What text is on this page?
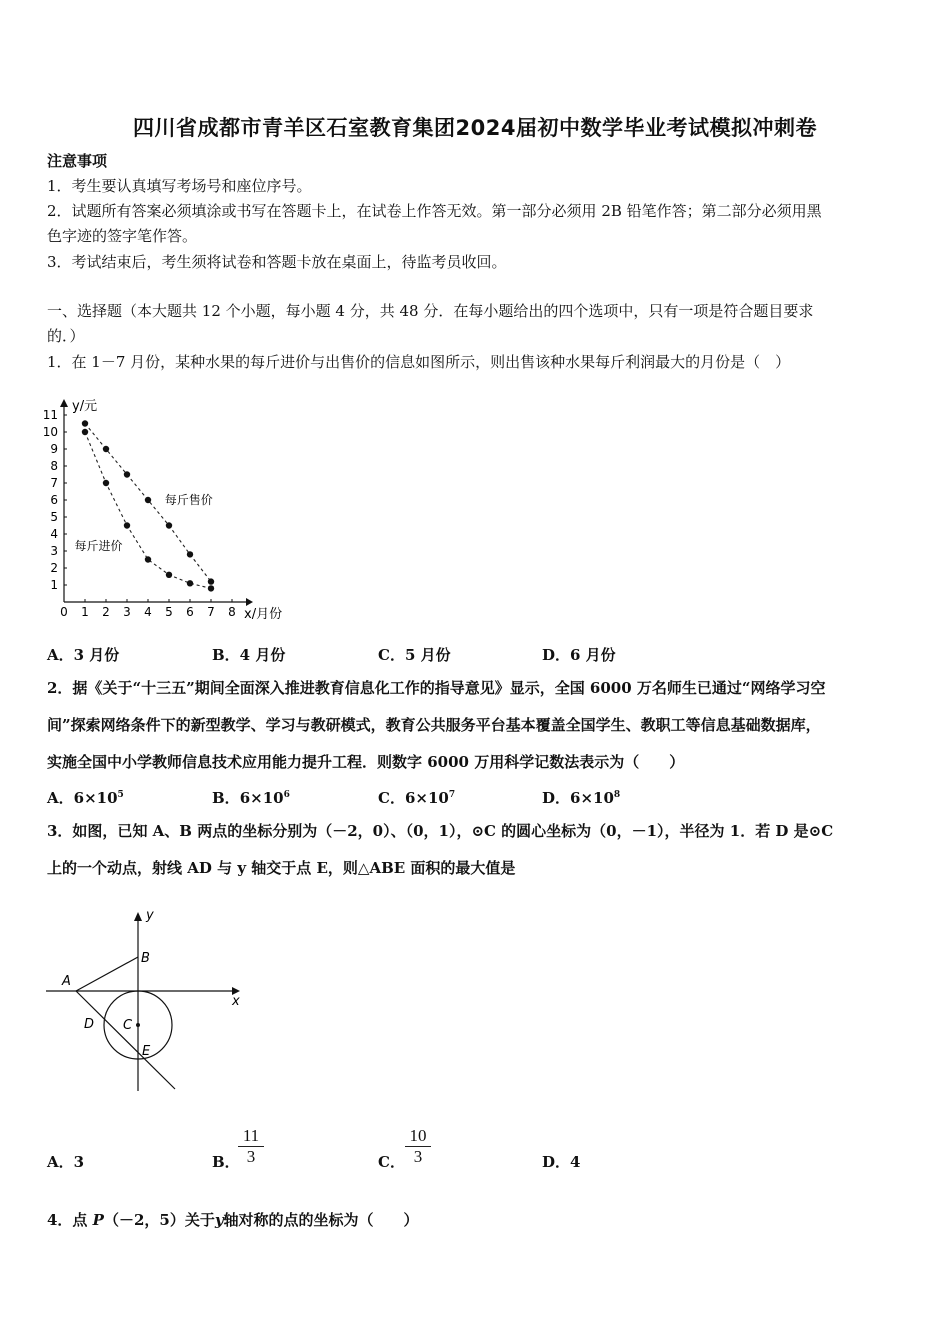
四川省成都市青羊区石室教育集团2024届初中数学毕业考试模拟冲刺卷
注意事项
1．考生要认真填写考场号和座位序号。
2．试题所有答案必须填涂或书写在答题卡上，在试卷上作答无效。第一部分必须用 2B 铅笔作答；第二部分必须用黑
色字迹的签字笔作答。
3．考试结束后，考生须将试卷和答题卡放在桌面上，待监考员收回。
一、选择题（本大题共 12 个小题，每小题 4 分，共 48 分．在每小题给出的四个选项中，只有一项是符合题目要求
的．）
1．在 1－7 月份，某种水果的每斤进价与出售价的信息如图所示，则出售该种水果每斤利润最大的月份是（　）
y/元
x/月份
0 1 2 3 4 5 6 7 8
1
2
3
4
5
6
7
8
9
10
11
每斤售价
每斤进价
A．3 月份	B．4 月份	C．5 月份	D．6 月份
2．据《关于“十三五”期间全面深入推进教育信息化工作的指导意见》显示，全国 6000 万名师生已通过“网络学习空
间”探索网络条件下的新型教学、学习与教研模式，教育公共服务平台基本覆盖全国学生、教职工等信息基础数据库，
实施全国中小学教师信息技术应用能力提升工程．则数字 6000 万用科学记数法表示为（　　）
A．$6\times 10^5$	B．$6\times 10^6$	C．$6\times 10^7$	D．$6\times 10^8$
3．如图，已知 A、B 两点的坐标分别为（－2，0）、（0，1），⊙C 的圆心坐标为（0，－1），半径为 1．若 D 是⊙C
上的一个动点，射线 AD 与 y 轴交于点 E，则△ABE 面积的最大值是
y
x
A
B
C
D
E
A．3	B．
$\frac{11}{3}$	C． $\frac{10}{3}$	D．4
4．点 P（－2，5）关于y轴对称的点的坐标为（　　）
